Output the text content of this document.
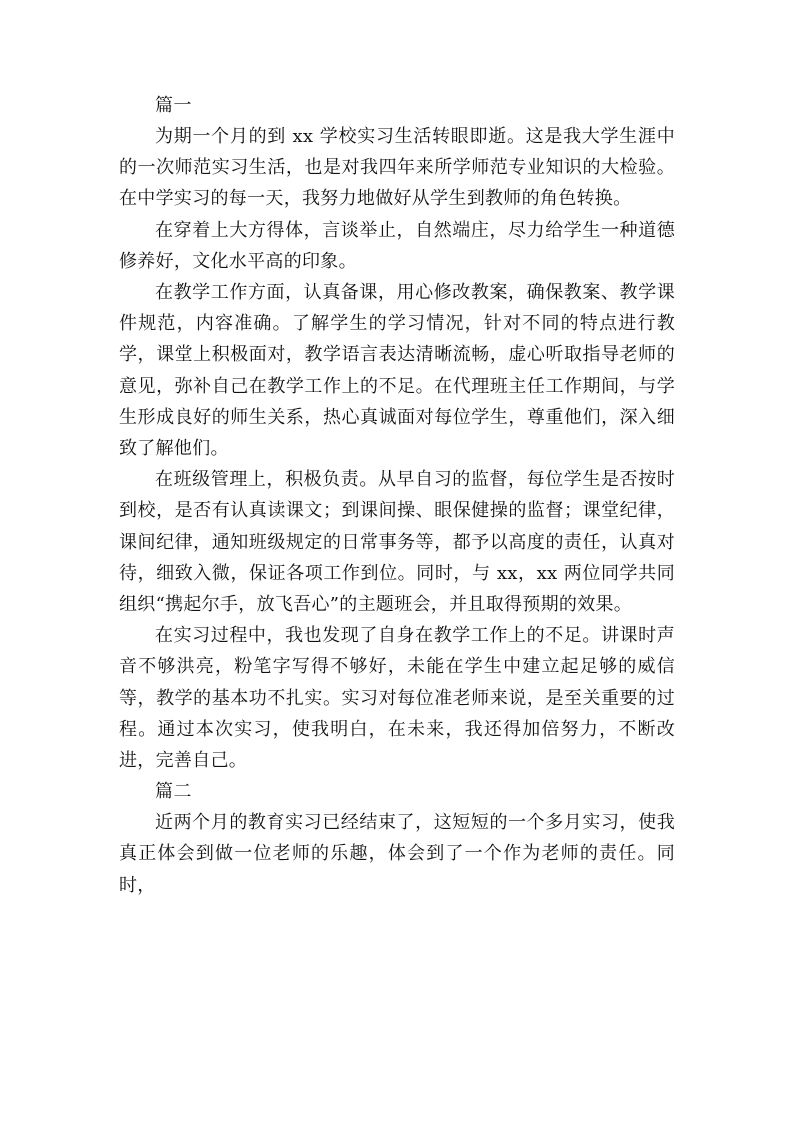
篇一

为期一个月的到 xx 学校实习生活转眼即逝。这是我大学生涯中的一次师范实习生活，也是对我四年来所学师范专业知识的大检验。在中学实习的每一天，我努力地做好从学生到教师的角色转换。

在穿着上大方得体，言谈举止，自然端庄，尽力给学生一种道德修养好，文化水平高的印象。

在教学工作方面，认真备课，用心修改教案，确保教案、教学课件规范，内容准确。了解学生的学习情况，针对不同的特点进行教学，课堂上积极面对，教学语言表达清晰流畅，虚心听取指导老师的意见，弥补自己在教学工作上的不足。在代理班主任工作期间，与学生形成良好的师生关系，热心真诚面对每位学生，尊重他们，深入细致了解他们。

在班级管理上，积极负责。从早自习的监督，每位学生是否按时到校，是否有认真读课文；到课间操、眼保健操的监督；课堂纪律，课间纪律，通知班级规定的日常事务等，都予以高度的责任，认真对待，细致入微，保证各项工作到位。同时，与 xx，xx 两位同学共同组织“携起尔手，放飞吾心”的主题班会，并且取得预期的效果。

在实习过程中，我也发现了自身在教学工作上的不足。讲课时声音不够洪亮，粉笔字写得不够好，未能在学生中建立起足够的威信等，教学的基本功不扎实。实习对每位准老师来说，是至关重要的过程。通过本次实习，使我明白，在未来，我还得加倍努力，不断改进，完善自己。

篇二

近两个月的教育实习已经结束了，这短短的一个多月实习，使我真正体会到做一位老师的乐趣，体会到了一个作为老师的责任。同时，
